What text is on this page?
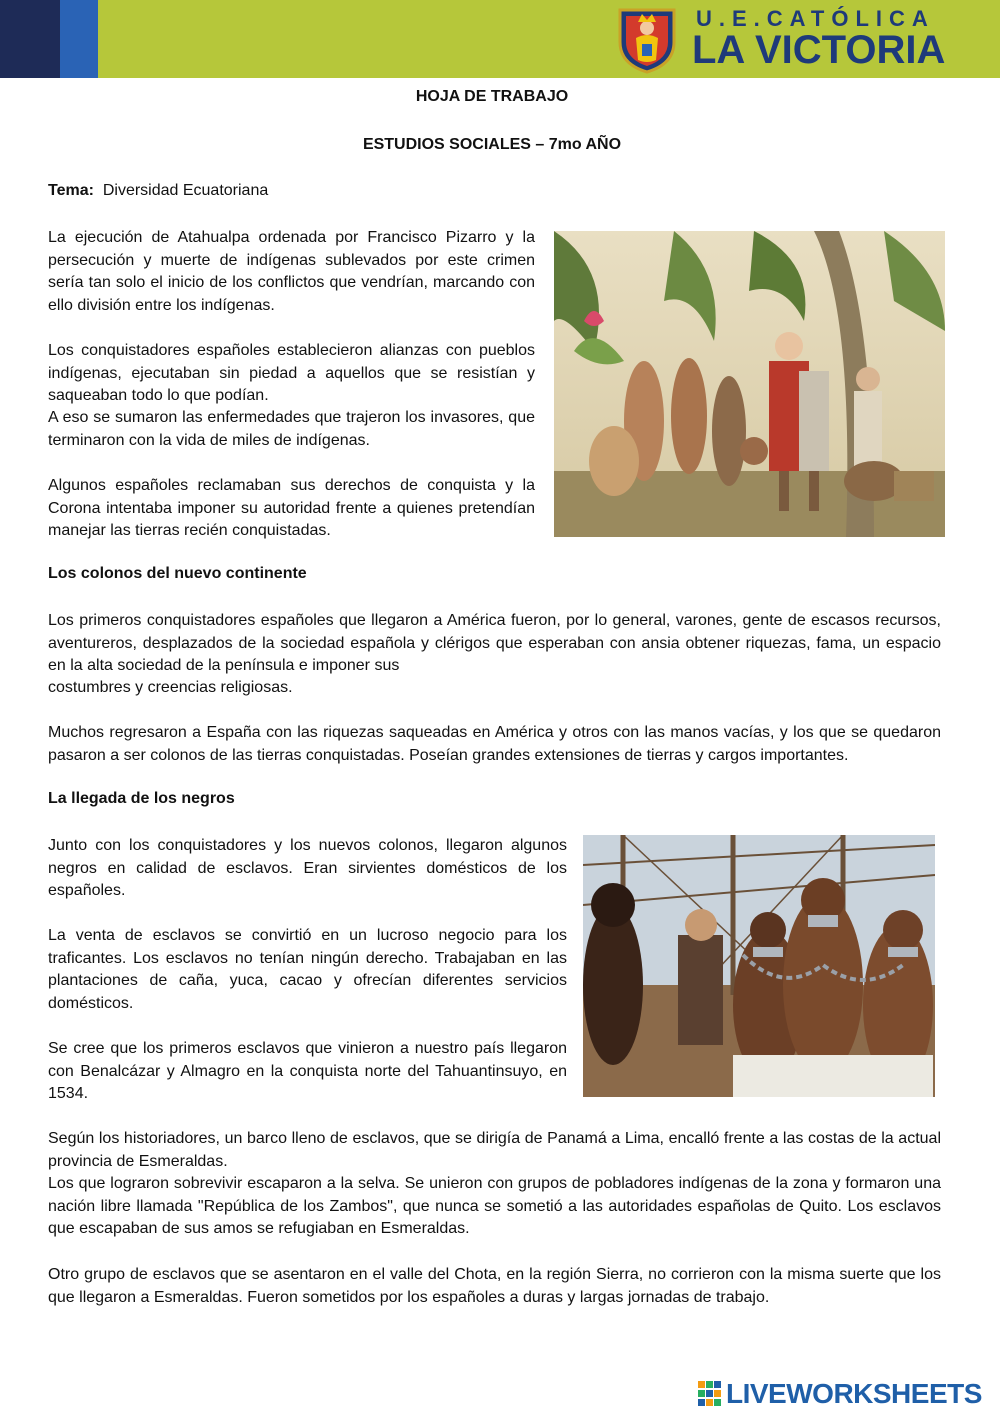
U.E.CATÓLICA
LA VICTORIA
HOJA DE TRABAJO
ESTUDIOS SOCIALES – 7mo AÑO
Tema: Diversidad Ecuatoriana

La ejecución de Atahualpa ordenada por Francisco Pizarro y la persecución y muerte de indígenas sublevados por este crimen sería tan solo el inicio de los conflictos que vendrían, marcando con ello división entre los indígenas.

Los conquistadores españoles establecieron alianzas con pueblos indígenas, ejecutaban sin piedad a aquellos que se resistían y saqueaban todo lo que podían.

A eso se sumaron las enfermedades que trajeron los invasores, que terminaron con la vida de miles de indígenas.

Algunos españoles reclamaban sus derechos de conquista y la Corona intentaba imponer su autoridad frente a quienes pretendían manejar las tierras recién conquistadas.

Los colonos del nuevo continente

Los primeros conquistadores españoles que llegaron a América fueron, por lo general, varones, gente de escasos recursos, aventureros, desplazados de la sociedad española y clérigos que esperaban con ansia obtener riquezas, fama, un espacio en la alta sociedad de la península e imponer sus

costumbres y creencias religiosas.

Muchos regresaron a España con las riquezas saqueadas en América y otros con las manos vacías, y los que se quedaron pasaron a ser colonos de las tierras conquistadas. Poseían grandes extensiones de tierras y cargos importantes.

La llegada de los negros

Junto con los conquistadores y los nuevos colonos, llegaron algunos negros en calidad de esclavos. Eran sirvientes domésticos de los españoles.

La venta de esclavos se convirtió en un lucroso negocio para los traficantes. Los esclavos no tenían ningún derecho. Trabajaban en las plantaciones de caña, yuca, cacao y ofrecían diferentes servicios domésticos.

Se cree que los primeros esclavos que vinieron a nuestro país llegaron con Benalcázar y Almagro en la conquista norte del Tahuantinsuyo, en 1534.

Según los historiadores, un barco lleno de esclavos, que se dirigía de Panamá a Lima, encalló frente a las costas de la actual provincia de Esmeraldas.

Los que lograron sobrevivir escaparon a la selva. Se unieron con grupos de pobladores indígenas de la zona y formaron una nación libre llamada "República de los Zambos", que nunca se sometió a las autoridades españolas de Quito. Los esclavos que escapaban de sus amos se refugiaban en Esmeraldas.

Otro grupo de esclavos que se asentaron en el valle del Chota, en la región Sierra, no corrieron con la misma suerte que los que llegaron a Esmeraldas. Fueron sometidos por los españoles a duras y largas jornadas de trabajo.

LIVEWORKSHEETS
